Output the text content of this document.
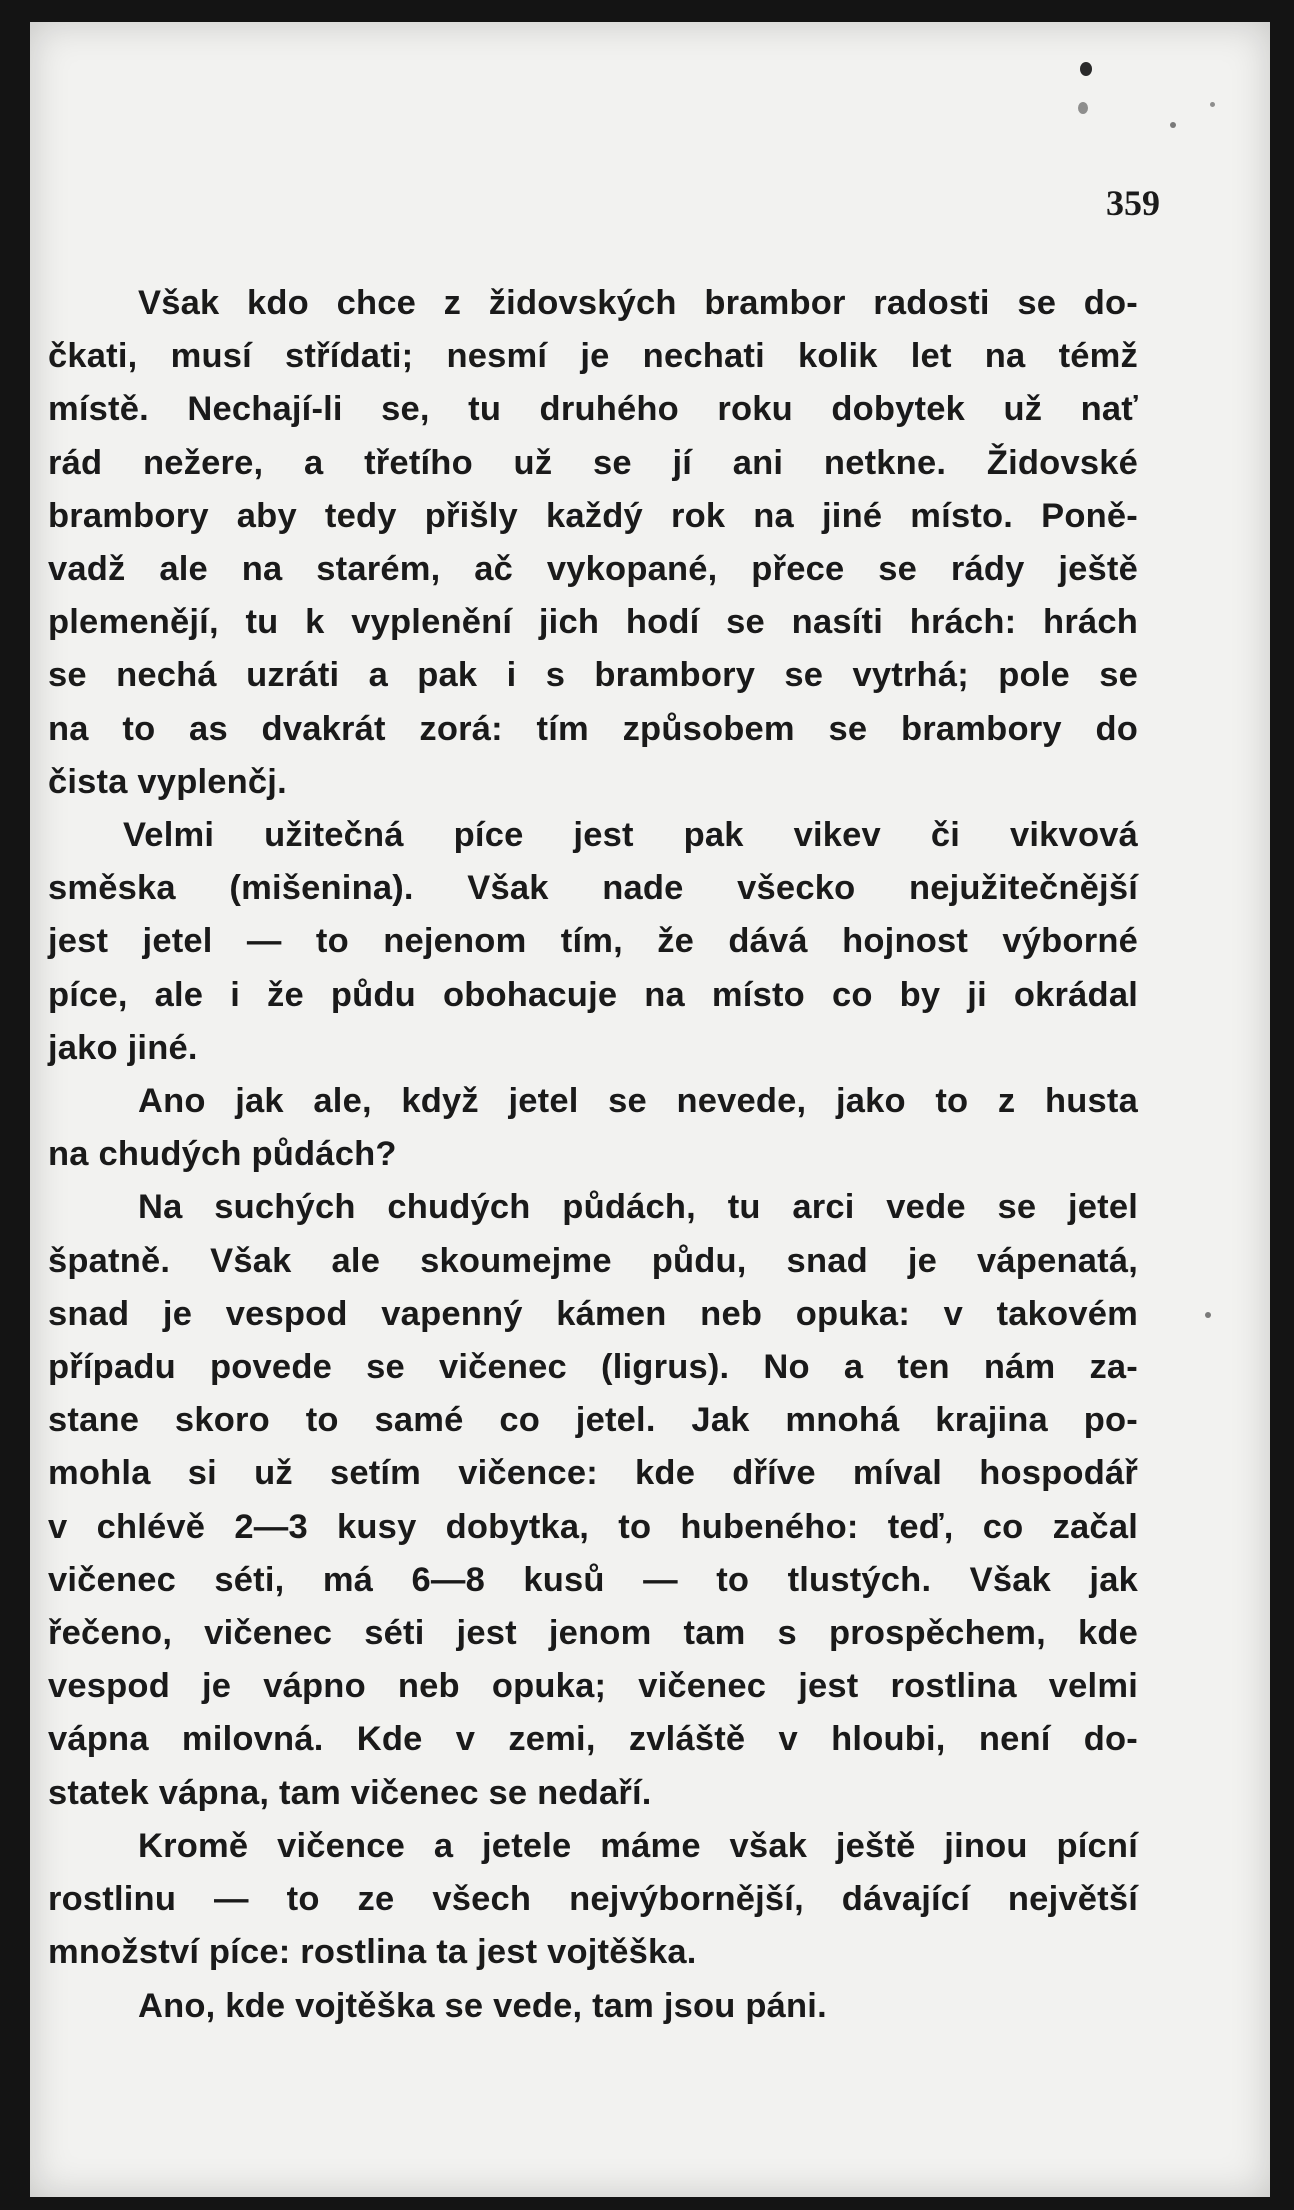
359
Však kdo chce z židovských brambor radosti se do-
čkati, musí střídati; nesmí je nechati kolik let na témž
místě. Nechají-li se, tu druhého roku dobytek už nať
rád nežere, a třetího už se jí ani netkne. Židovské
brambory aby tedy přišly každý rok na jiné místo. Poně-
vadž ale na starém, ač vykopané, přece se rády ještě
plemenějí, tu k vyplenění jich hodí se nasíti hrách: hrách
se nechá uzráti a pak i s brambory se vytrhá; pole se
na to as dvakrát zorá: tím způsobem se brambory do
čista vyplenčj.
Velmi užitečná píce jest pak vikev či vikvová
směska (mišenina). Však nade všecko nejužitečnější
jest jetel — to nejenom tím, že dává hojnost výborné
píce, ale i že půdu obohacuje na místo co by ji okrádal
jako jiné.
Ano jak ale, když jetel se nevede, jako to z husta
na chudých půdách?
Na suchých chudých půdách, tu arci vede se jetel
špatně. Však ale skoumejme půdu, snad je vápenatá,
snad je vespod vapenný kámen neb opuka: v takovém
případu povede se vičenec (ligrus). No a ten nám za-
stane skoro to samé co jetel. Jak mnohá krajina po-
mohla si už setím vičence: kde dříve míval hospodář
v chlévě 2—3 kusy dobytka, to hubeného: teď, co začal
vičenec séti, má 6—8 kusů — to tlustých. Však jak
řečeno, vičenec séti jest jenom tam s prospěchem, kde
vespod je vápno neb opuka; vičenec jest rostlina velmi
vápna milovná. Kde v zemi, zvláště v hloubi, není do-
statek vápna, tam vičenec se nedaří.
Kromě vičence a jetele máme však ještě jinou pícní
rostlinu — to ze všech nejvýbornější, dávající největší
množství píce: rostlina ta jest vojtěška.
Ano, kde vojtěška se vede, tam jsou páni.
